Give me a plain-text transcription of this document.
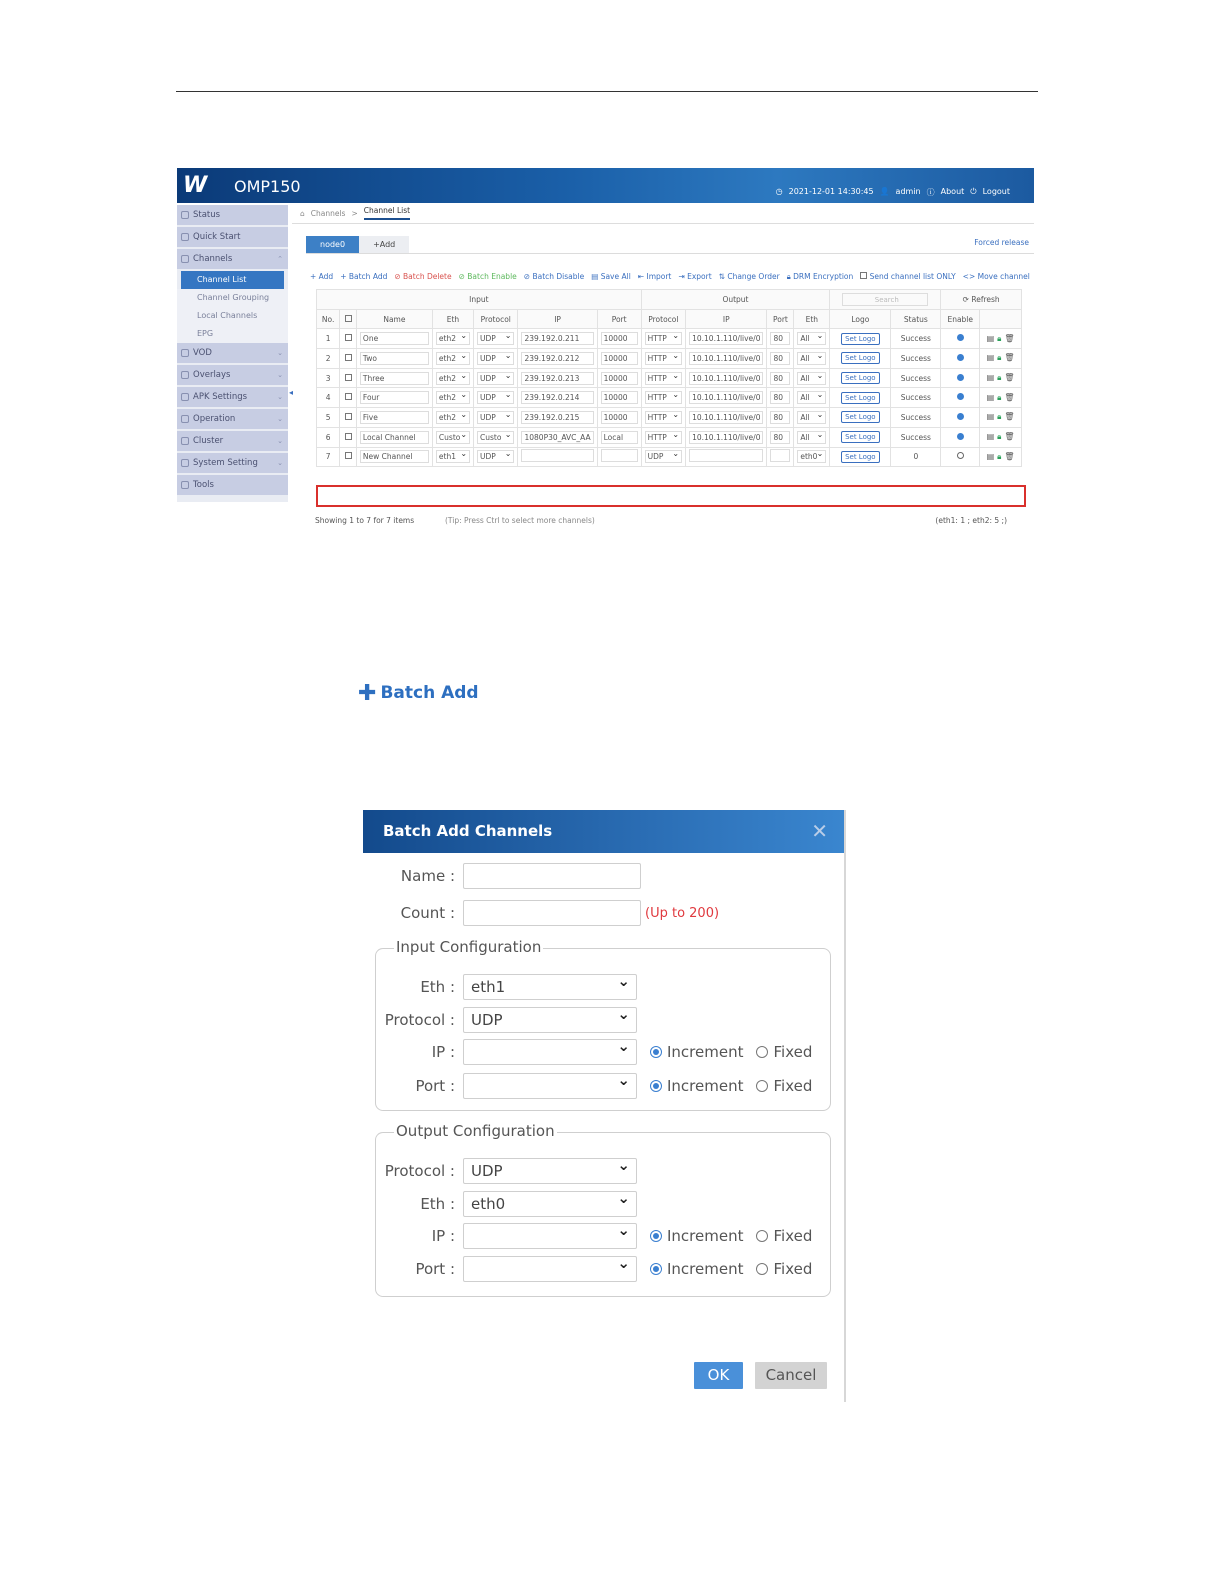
W OMP150	◷ 2021-12-01 14:30:45 👤 admin ⓘ About ⏻ Logout
Status
Quick Start
Channels	⌃
Channel List
Channel Grouping
Local Channels
EPG
VOD	⌄
Overlays	⌄
APK Settings	⌄
Operation	⌄
Cluster	⌄
System Setting	⌄
Tools
◂
⌂ Channels > Channel List
node0	+Add	Forced release
+ Add + Batch Add ⊘ Batch Delete ⊘ Batch Enable ⊘ Batch Disable ▤ Save All ⇤ Import ⇥ Export ⇅ Change Order 🔒︎ DRM Encryption	Send channel list ONLY <> Move channel
Input							Output				Search		⟳ Refresh	
No.		Name	Eth	Protocol	IP	Port	Protocol	IP	Port	Eth	Logo	Status	Enable	
1		One	eth2 ⌄	UDP ⌄	239.192.0.211	10000	HTTP ⌄	10.10.1.110/live/0	80	All ⌄	Set Logo	Success		▤ 🔒︎ 🗑︎

2		Two	eth2 ⌄	UDP ⌄	239.192.0.212	10000	HTTP ⌄	10.10.1.110/live/0	80	All ⌄	Set Logo	Success		▤ 🔒︎ 🗑︎

3		Three	eth2 ⌄	UDP ⌄	239.192.0.213	10000	HTTP ⌄	10.10.1.110/live/0	80	All ⌄	Set Logo	Success		▤ 🔒︎ 🗑︎

4		Four	eth2 ⌄	UDP ⌄	239.192.0.214	10000	HTTP ⌄	10.10.1.110/live/0	80	All ⌄	Set Logo	Success		▤ 🔒︎ 🗑︎

5		Five	eth2 ⌄	UDP ⌄	239.192.0.215	10000	HTTP ⌄	10.10.1.110/live/0	80	All ⌄	Set Logo	Success		▤ 🔒︎ 🗑︎

6		Local Channel	Custo ⌄	Custo ⌄	1080P30_AVC_AA	Local	HTTP ⌄	10.10.1.110/live/0	80	All ⌄	Set Logo	Success		▤ 🔒︎ 🗑︎

7		New Channel	eth1 ⌄	UDP ⌄			UDP ⌄			eth0 ⌄	Set Logo	0		▤ 🔒︎ 🗑︎
Showing 1 to 7 for 7 items	(Tip: Press Ctrl to select more channels)	(eth1: 1 ; eth2: 5 ;)
✚ Batch Add
Batch Add Channels	✕
Name :
Count :	(Up to 200)
Input Configuration
Eth :	eth1 ⌄
Protocol :	UDP ⌄
IP : ⌄	Increment Fixed
Port : ⌄	Increment Fixed
Output Configuration
Protocol :	UDP ⌄
Eth :	eth0 ⌄
IP : ⌄	Increment Fixed
Port : ⌄	Increment Fixed
OK	Cancel
